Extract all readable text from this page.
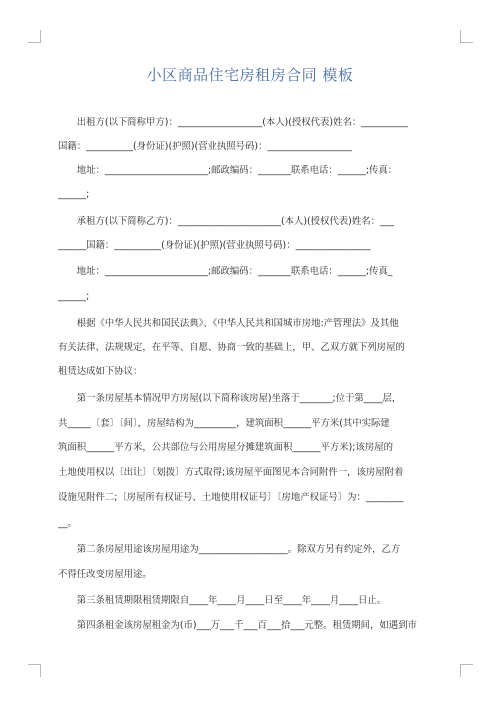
小区商品住宅房租房合同 模板
　　出租方(以下简称甲方)：__________________(本人)(授权代表)姓名：__________
国籍：__________(身份证)(护照)(营业执照号码)：__________________
　　地址：______________________;邮政编码：_______联系电话：______;传真：
______;
　　承租方(以下简称乙方)：______________________(本人)(授权代表)姓名：___
______国籍：__________(身份证)(护照)(营业执照号码)：________________
　　地址：______________________;邮政编码：_______联系电话：______;传真_
______;
　　根据《中华人民共和国民法典》、《中华人民共和国城市房地:产管理法》及其他
有关法律、法规规定，在平等、自愿、协商一致的基础上，甲、乙双方就下列房屋的
租赁达成如下协议：
　　第一条房屋基本情况甲方房屋(以下简称该房屋)坐落于_______;位于第____层，
共_____〔套〕〔间〕，房屋结构为_________，建筑面积______平方米(其中实际建
筑面积______平方米，公共部位与公用房屋分摊建筑面积______平方米);该房屋的
土地使用权以〔出让〕〔划拨〕方式取得;该房屋平面图见本合同附件一，该房屋附着
设施见附件二;〔房屋所有权证号、土地使用权证号〕〔房地产权证号〕为：________
__。
　　第二条房屋用途该房屋用途为___________________。除双方另有约定外，乙方
不得任改变房屋用途。
　　第三条租赁期限租赁期限自____年____月____日至____年____月____日止。
　　第四条租金该房屋租金为(币)___万___千___百___拾___元整。租赁期间，如遇到市
